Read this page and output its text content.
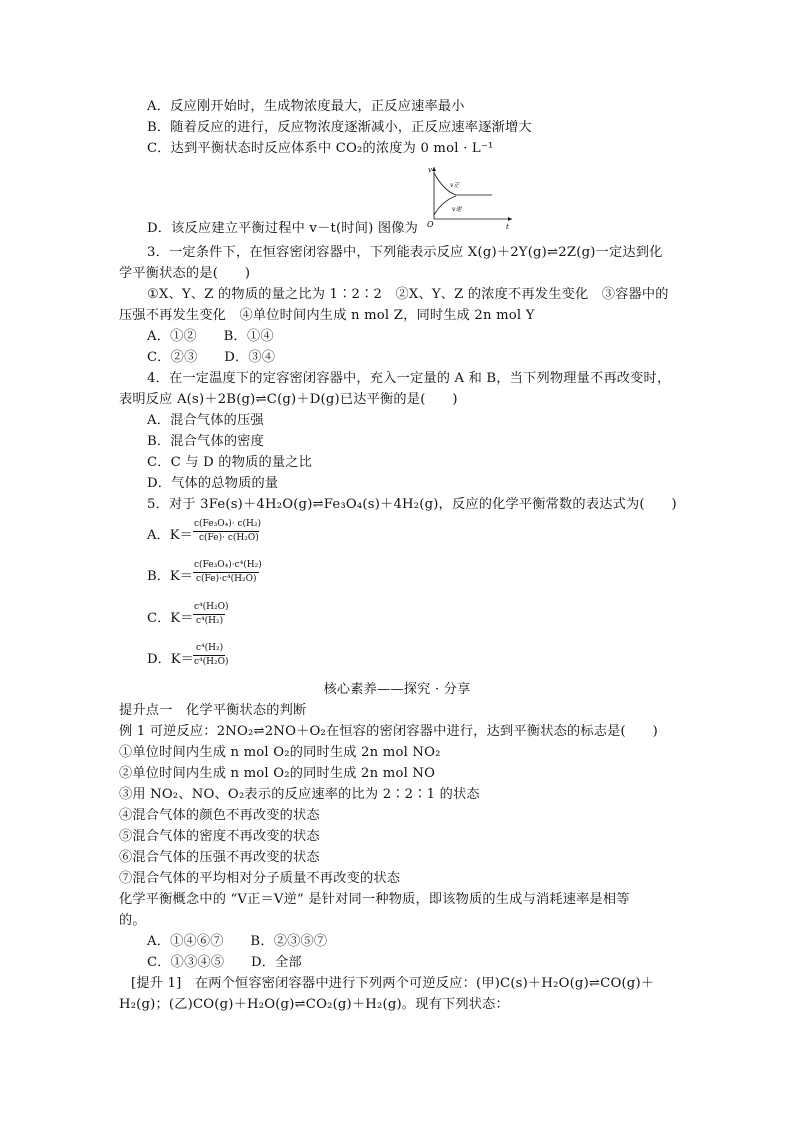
A．反应刚开始时，生成物浓度最大，正反应速率最小
B．随着反应的进行，反应物浓度逐渐减小，正反应速率逐渐增大
C．达到平衡状态时反应体系中 CO₂的浓度为 0 mol · L⁻¹
v
t
O
v正
v逆
D．该反应建立平衡过程中 v－t(时间) 图像为
3．一定条件下，在恒容密闭容器中，下列能表示反应 X(g)＋2Y(g)⇌2Z(g)一定达到化
学平衡状态的是(　　)
①X、Y、Z 的物质的量之比为 1∶2∶2　②X、Y、Z 的浓度不再发生变化　③容器中的
压强不再发生变化　④单位时间内生成 n mol Z，同时生成 2n mol Y
A．①②　　B．①④
C．②③　　D．③④
4．在一定温度下的定容密闭容器中，充入一定量的 A 和 B，当下列物理量不再改变时，
表明反应 A(s)＋2B(g)⇌C(g)＋D(g)已达平衡的是(　　)
A．混合气体的压强
B．混合气体的密度
C．C 与 D 的物质的量之比
D．气体的总物质的量
5．对于 3Fe(s)＋4H₂O(g)⇌Fe₃O₄(s)＋4H₂(g)，反应的化学平衡常数的表达式为(　　)
A．K＝
c(Fe₃O₄)· c(H₂)
c(Fe)· c(H₂O)
B．K＝
c(Fe₃O₄)·c⁴(H₂)
c(Fe)·c⁴(H₂O)
C．K＝
c⁴(H₂O)
c⁴(H₂)
D．K＝
c⁴(H₂)
c⁴(H₂O)
核心素养——探究 · 分享
提升点一　化学平衡状态的判断
例 1 可逆反应：2NO₂⇌2NO＋O₂在恒容的密闭容器中进行，达到平衡状态的标志是(　　)
①单位时间内生成 n mol O₂的同时生成 2n mol NO₂
②单位时间内生成 n mol O₂的同时生成 2n mol NO
③用 NO₂、NO、O₂表示的反应速率的比为 2∶2∶1 的状态
④混合气体的颜色不再改变的状态
⑤混合气体的密度不再改变的状态
⑥混合气体的压强不再改变的状态
⑦混合气体的平均相对分子质量不再改变的状态
化学平衡概念中的 “V正＝V逆” 是针对同一种物质，即该物质的生成与消耗速率是相等
的。
A．①④⑥⑦　　B．②③⑤⑦
C．①③④⑤　　D．全部
[提升 1]　在两个恒容密闭容器中进行下列两个可逆反应：(甲)C(s)＋H₂O(g)⇌CO(g)＋
H₂(g)；(乙)CO(g)＋H₂O(g)⇌CO₂(g)＋H₂(g)。现有下列状态：
